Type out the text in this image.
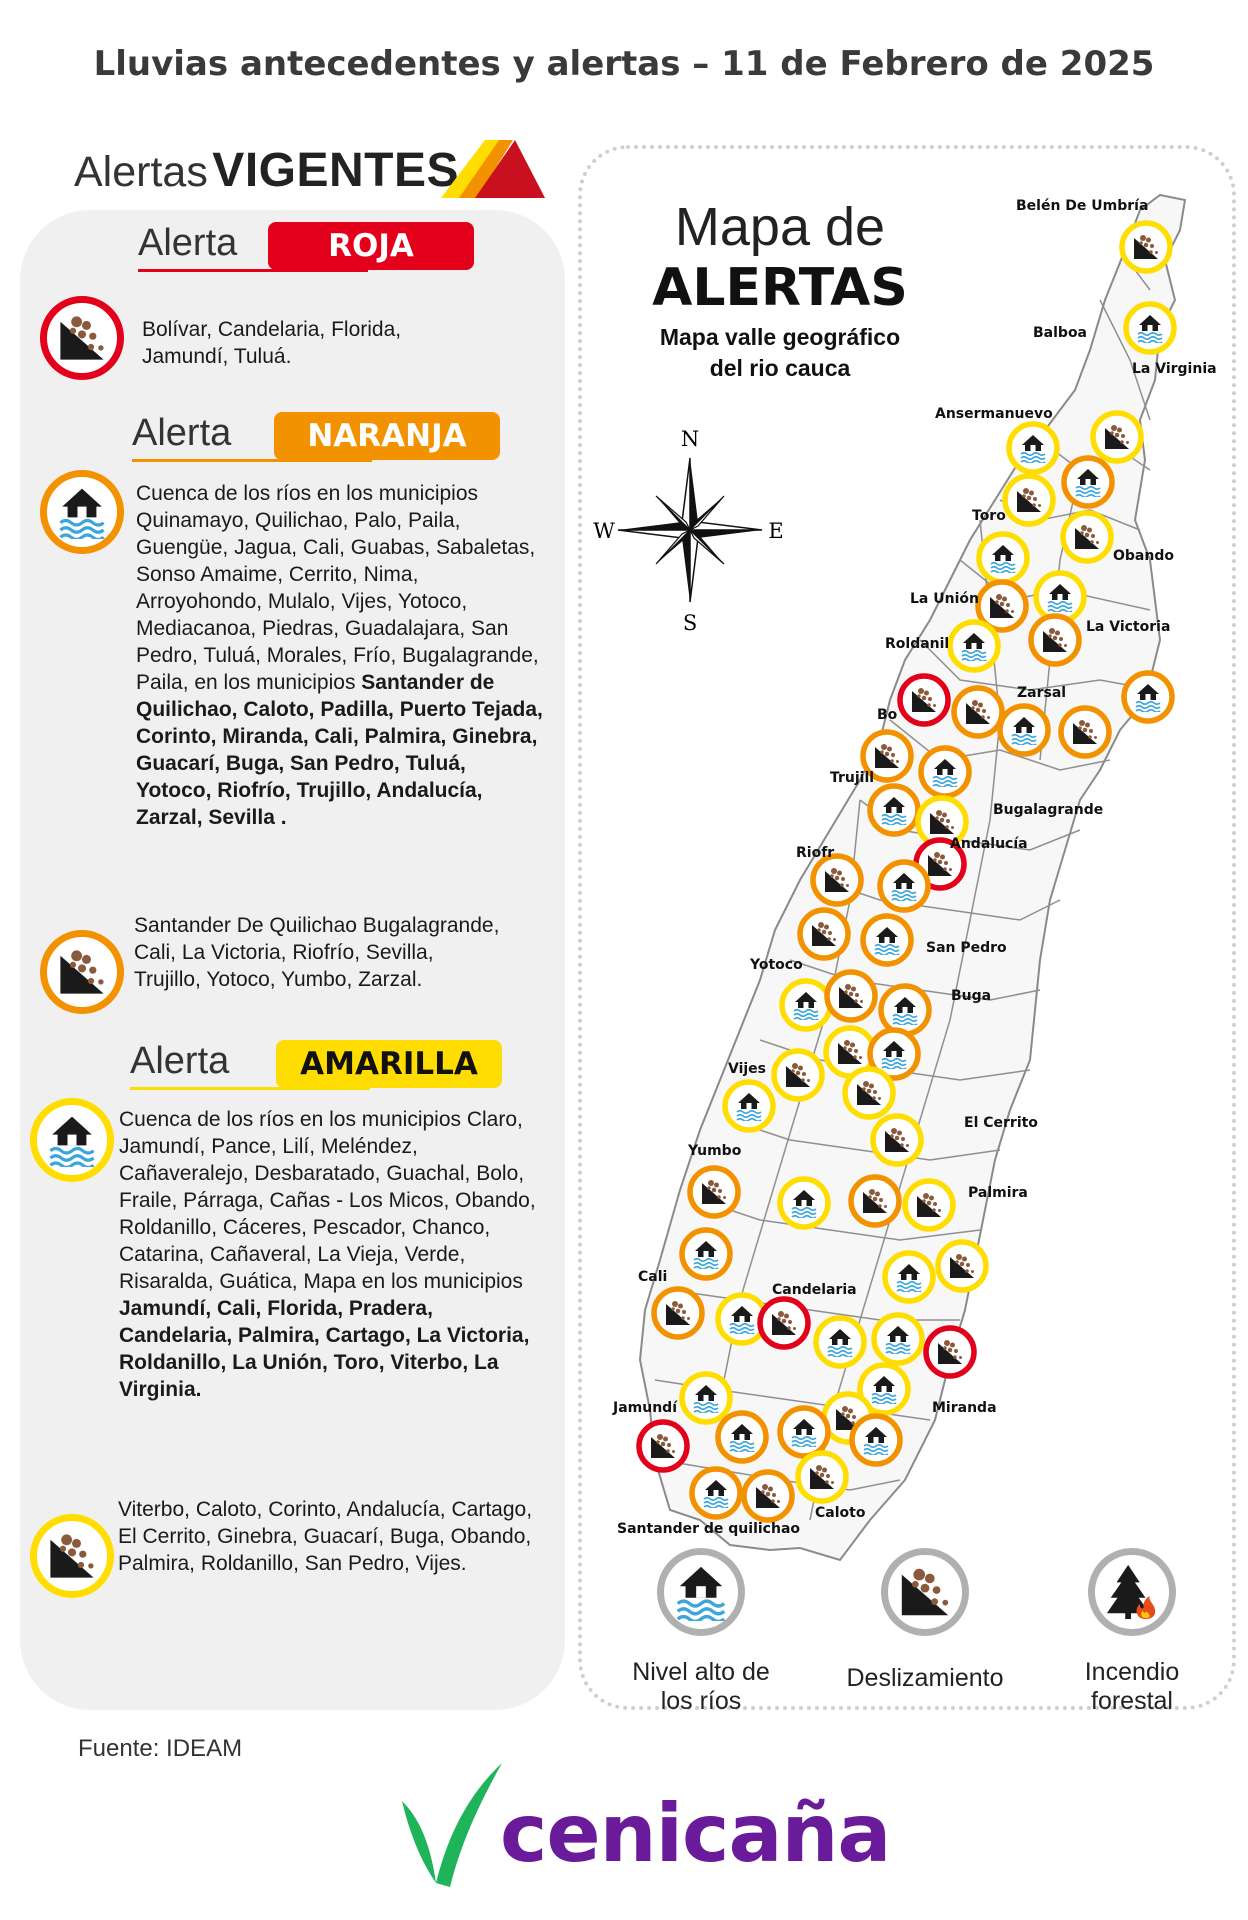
Lluvias antecedentes y alertas – 11 de Febrero de 2025
Alertas VIGENTES
Alerta	ROJA
Bolívar, Candelaria, Florida, Jamundí, Tuluá.
Alerta	NARANJA
Cuenca de los ríos en los municipios Quinamayo, Quilichao, Palo, Paila, Guengüe, Jagua, Cali, Guabas, Sabaletas, Sonso Amaime, Cerrito, Nima, Arroyohondo, Mulalo, Vijes, Yotoco, Mediacanoa, Piedras, Guadalajara, San Pedro, Tuluá, Morales, Frío, Bugalagrande, Paila, en los municipios Santander de Quilichao, Caloto, Padilla, Puerto Tejada, Corinto, Miranda, Cali, Palmira, Ginebra, Guacarí, Buga, San Pedro, Tuluá, Yotoco, Riofrío, Trujillo, Andalucía, Zarzal, Sevilla .
Santander De Quilichao Bugalagrande, Cali, La Victoria, Riofrío, Sevilla, Trujillo, Yotoco, Yumbo, Zarzal.
Alerta	AMARILLA
Cuenca de los ríos en los municipios Claro, Jamundí, Pance, Lilí, Meléndez, Cañaveralejo, Desbaratado, Guachal, Bolo, Fraile, Párraga, Cañas - Los Micos, Obando, Roldanillo, Cáceres, Pescador, Chanco, Catarina, Cañaveral, La Vieja, Verde, Risaralda, Guática, Mapa en los municipios Jamundí, Cali, Florida, Pradera, Candelaria, Palmira, Cartago, La Victoria, Roldanillo, La Unión, Toro, Viterbo, La Virginia.
Viterbo, Caloto, Corinto, Andalucía, Cartago, El Cerrito, Ginebra, Guacarí, Buga, Obando, Palmira, Roldanillo, San Pedro, Vijes.
Fuente: IDEAM
cenicaña
Mapa de
ALERTAS
Mapa valle geográfico
del rio cauca
N
S
E
W
Belén De Umbría
Balboa
La Virginia
Ansermanuevo
Toro
Obando
La Unión
La Victoria
Roldanil
Zarsal
Bo
Trujill
Bugalagrande
Andalucía
Riofr
San Pedro
Yotoco
Buga
Vijes
El Cerrito
Yumbo
Palmira
Cali
Candelaria
Jamundí	Miranda
Caloto
Santander de quilichao
Nivel alto de
los ríos
Deslizamiento	Incendio
forestal
